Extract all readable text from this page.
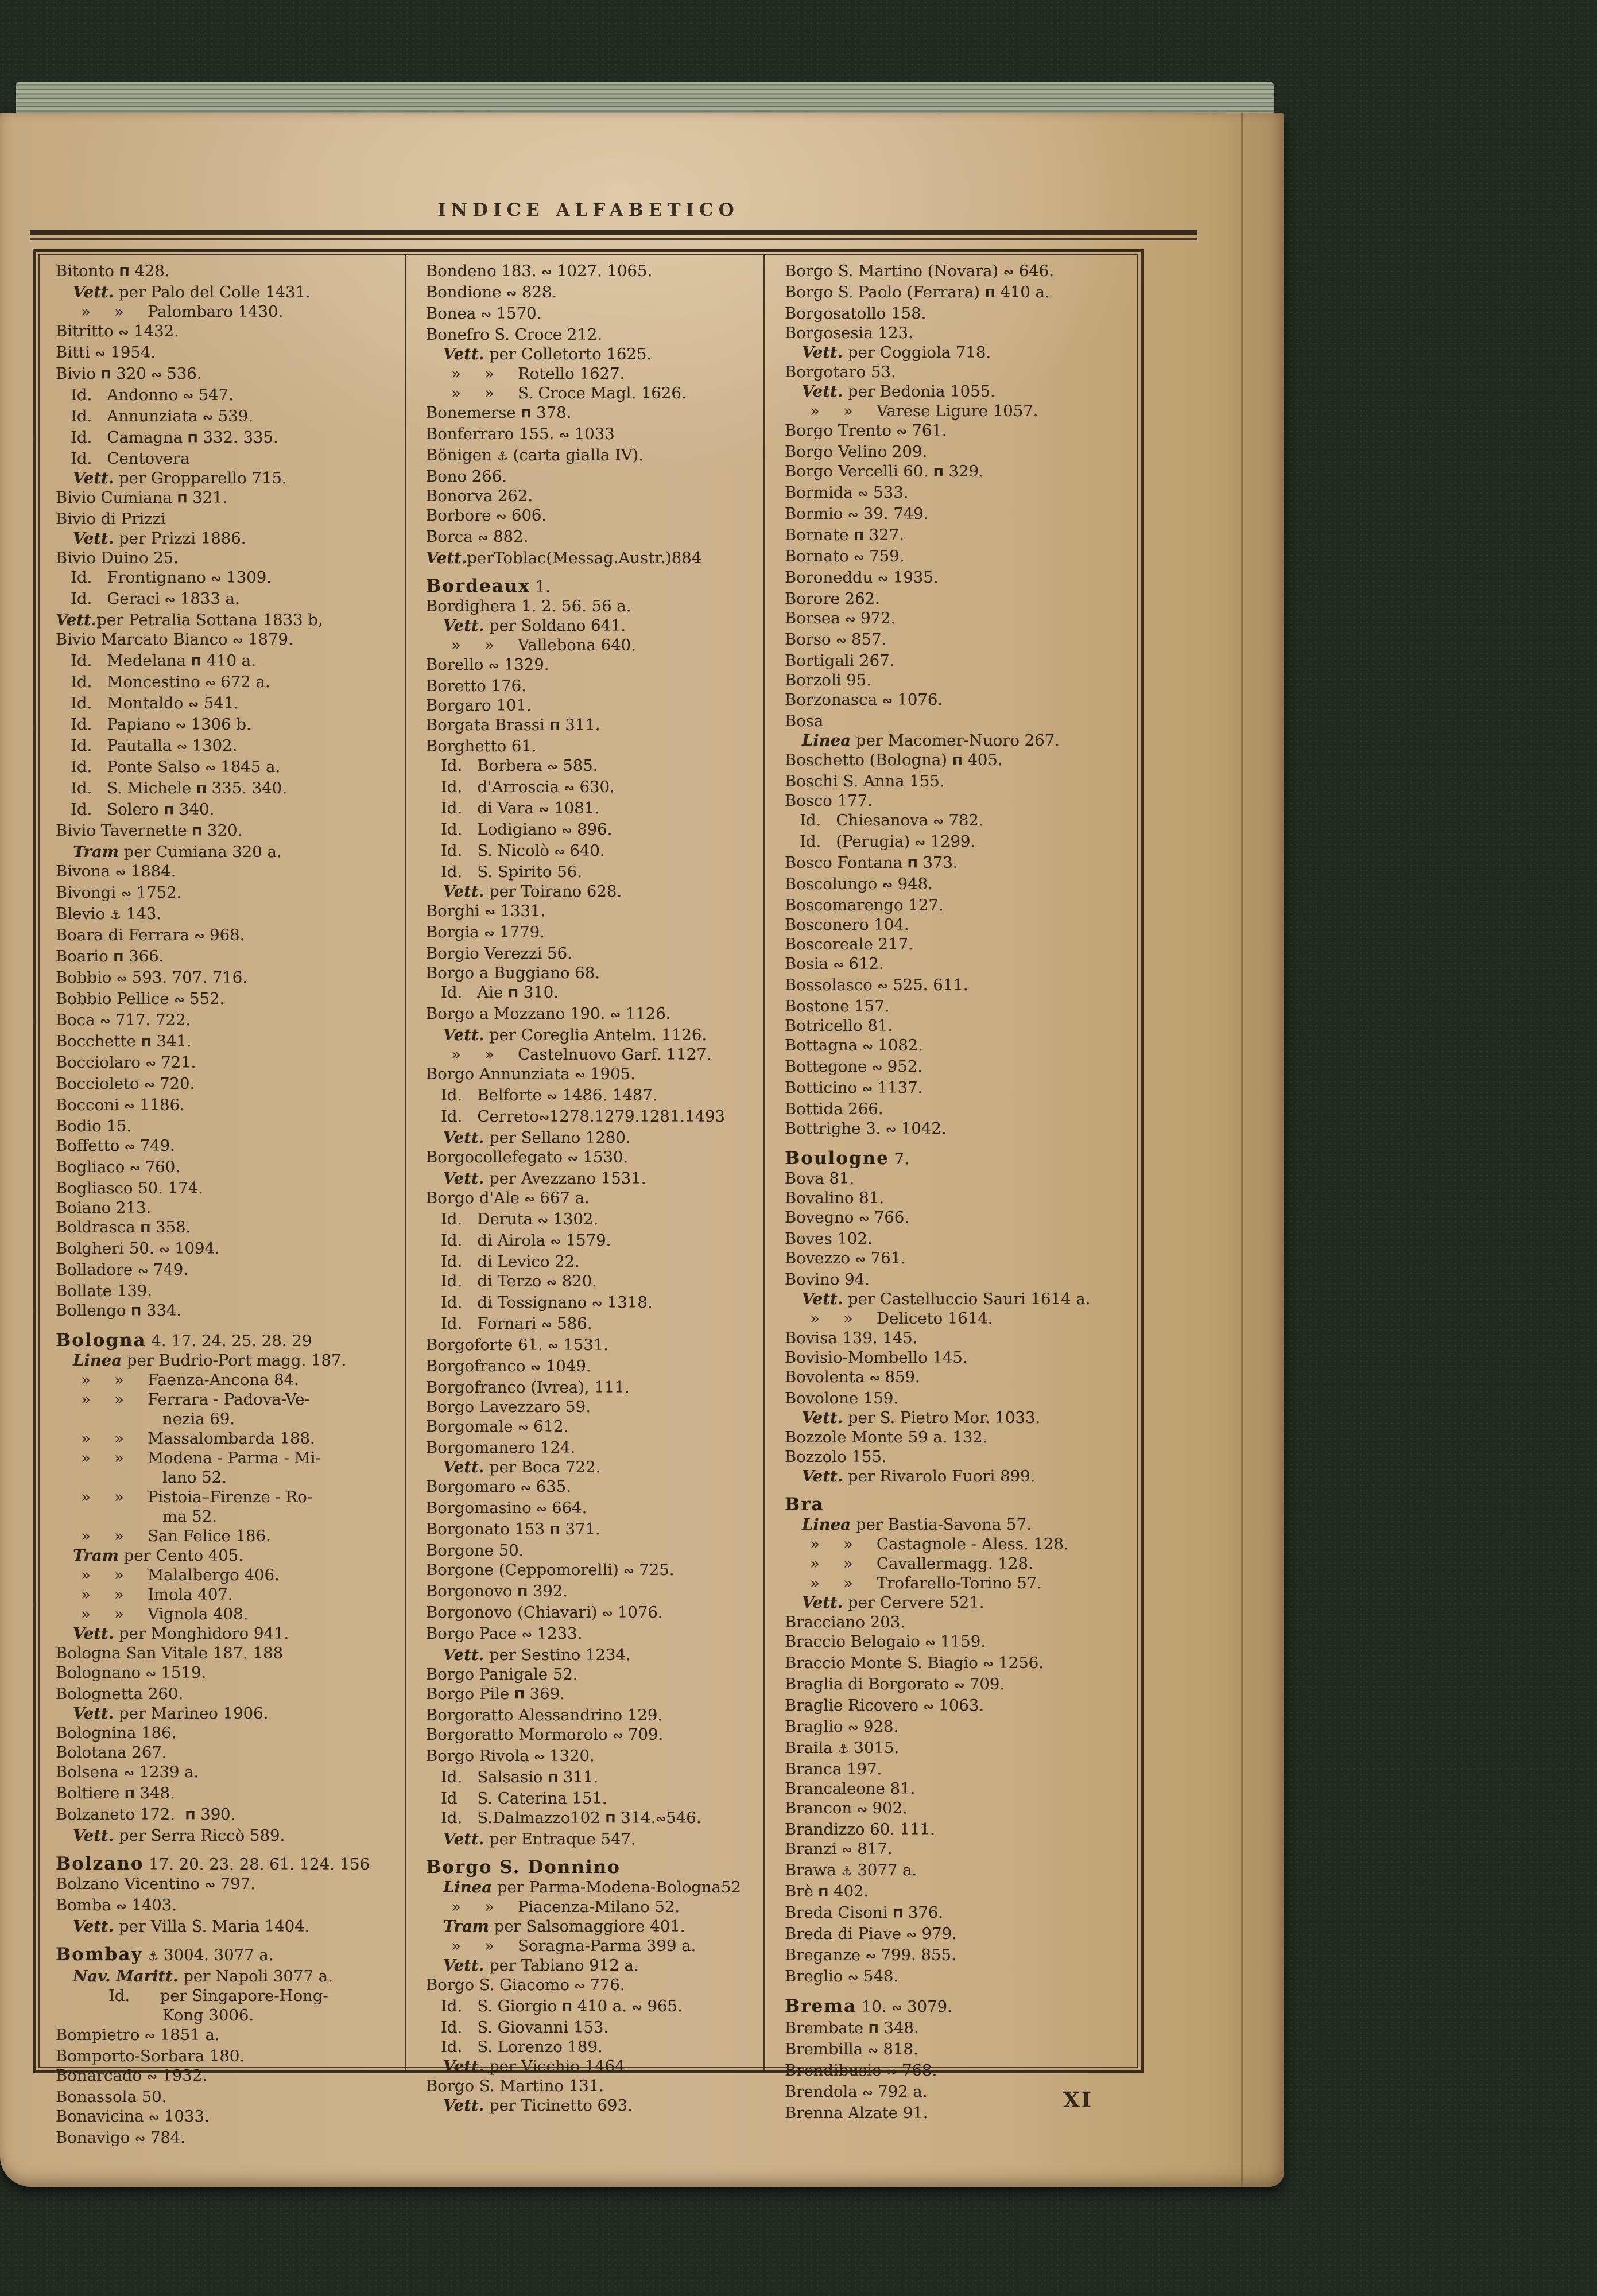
INDICE ALFABETICO
Bitonto Π 428.
Vett. per Palo del Colle 1431.
» » Palombaro 1430.
Bitritto ∾ 1432.
Bitti ∾ 1954.
Bivio Π 320 ∾ 536.
Id.   Andonno ∾ 547.
Id.   Annunziata ∾ 539.
Id.   Camagna Π 332. 335.
Id.   Centovera
Vett. per Gropparello 715.
Bivio Cumiana Π 321.
Bivio di Prizzi
Vett. per Prizzi 1886.
Bivio Duino 25.
Id.   Frontignano ∾ 1309.
Id.   Geraci ∾ 1833 a.
Vett.per Petralia Sottana 1833 b,
Bivio Marcato Bianco ∾ 1879.
Id.   Medelana Π 410 a.
Id.   Moncestino ∾ 672 a.
Id.   Montaldo ∾ 541.
Id.   Papiano ∾ 1306 b.
Id.   Pautalla ∾ 1302.
Id.   Ponte Salso ∾ 1845 a.
Id.   S. Michele Π 335. 340.
Id.   Solero Π 340.
Bivio Tavernette Π 320.
Tram per Cumiana 320 a.
Bivona ∾ 1884.
Bivongi ∾ 1752.
Blevio ⚓ 143.
Boara di Ferrara ∾ 968.
Boario Π 366.
Bobbio ∾ 593. 707. 716.
Bobbio Pellice ∾ 552.
Boca ∾ 717. 722.
Bocchette Π 341.
Bocciolaro ∾ 721.
Boccioleto ∾ 720.
Bocconi ∾ 1186.
Bodio 15.
Boffetto ∾ 749.
Bogliaco ∾ 760.
Bogliasco 50. 174.
Boiano 213.
Boldrasca Π 358.
Bolgheri 50. ∾ 1094.
Bolladore ∾ 749.
Bollate 139.
Bollengo Π 334.
Bologna 4. 17. 24. 25. 28. 29
Linea per Budrio-Port magg. 187.
» » Faenza-Ancona 84.
» » Ferrara - Padova-Ve-
nezia 69.
» » Massalombarda 188.
» » Modena - Parma - Mi-
lano 52.
» » Pistoia–Firenze - Ro-
ma 52.
» » San Felice 186.
Tram per Cento 405.
» » Malalbergo 406.
» » Imola 407.
» » Vignola 408.
Vett. per Monghidoro 941.
Bologna San Vitale 187. 188
Bolognano ∾ 1519.
Bolognetta 260.
Vett. per Marineo 1906.
Bolognina 186.
Bolotana 267.
Bolsena ∾ 1239 a.
Boltiere Π 348.
Bolzaneto 172.  Π 390.
Vett. per Serra Riccò 589.
Bolzano 17. 20. 23. 28. 61. 124. 156
Bolzano Vicentino ∾ 797.
Bomba ∾ 1403.
Vett. per Villa S. Maria 1404.
Bombay ⚓ 3004. 3077 a.
Nav. Maritt. per Napoli 3077 a.
Id.      per Singapore-Hong-
Kong 3006.
Bompietro ∾ 1851 a.
Bomporto-Sorbara 180.
Bonarcado ∾ 1932.
Bonassola 50.
Bonavicina ∾ 1033.
Bonavigo ∾ 784.
Bondeno 183. ∾ 1027. 1065.
Bondione ∾ 828.
Bonea ∾ 1570.
Bonefro S. Croce 212.
Vett. per Colletorto 1625.
» » Rotello 1627.
» » S. Croce Magl. 1626.
Bonemerse Π 378.
Bonferraro 155. ∾ 1033
Bönigen ⚓ (carta gialla IV).
Bono 266.
Bonorva 262.
Borbore ∾ 606.
Borca ∾ 882.
Vett.perToblac(Messag.Austr.)884
Bordeaux 1.
Bordighera 1. 2. 56. 56 a.
Vett. per Soldano 641.
» » Vallebona 640.
Borello ∾ 1329.
Boretto 176.
Borgaro 101.
Borgata Brassi Π 311.
Borghetto 61.
Id.   Borbera ∾ 585.
Id.   d'Arroscia ∾ 630.
Id.   di Vara ∾ 1081.
Id.   Lodigiano ∾ 896.
Id.   S. Nicolò ∾ 640.
Id.   S. Spirito 56.
Vett. per Toirano 628.
Borghi ∾ 1331.
Borgia ∾ 1779.
Borgio Verezzi 56.
Borgo a Buggiano 68.
Id.   Aie Π 310.
Borgo a Mozzano 190. ∾ 1126.
Vett. per Coreglia Antelm. 1126.
» » Castelnuovo Garf. 1127.
Borgo Annunziata ∾ 1905.
Id.   Belforte ∾ 1486. 1487.
Id.   Cerreto∾1278.1279.1281.1493
Vett. per Sellano 1280.
Borgocollefegato ∾ 1530.
Vett. per Avezzano 1531.
Borgo d'Ale ∾ 667 a.
Id.   Deruta ∾ 1302.
Id.   di Airola ∾ 1579.
Id.   di Levico 22.
Id.   di Terzo ∾ 820.
Id.   di Tossignano ∾ 1318.
Id.   Fornari ∾ 586.
Borgoforte 61. ∾ 1531.
Borgofranco ∾ 1049.
Borgofranco (Ivrea), 111.
Borgo Lavezzaro 59.
Borgomale ∾ 612.
Borgomanero 124.
Vett. per Boca 722.
Borgomaro ∾ 635.
Borgomasino ∾ 664.
Borgonato 153 Π 371.
Borgone 50.
Borgone (Ceppomorelli) ∾ 725.
Borgonovo Π 392.
Borgonovo (Chiavari) ∾ 1076.
Borgo Pace ∾ 1233.
Vett. per Sestino 1234.
Borgo Panigale 52.
Borgo Pile Π 369.
Borgoratto Alessandrino 129.
Borgoratto Mormorolo ∾ 709.
Borgo Rivola ∾ 1320.
Id.   Salsasio Π 311.
Id    S. Caterina 151.
Id.   S.Dalmazzo102 Π 314.∾546.
Vett. per Entraque 547.
Borgo S. Donnino
Linea per Parma-Modena-Bologna52
» » Piacenza-Milano 52.
Tram per Salsomaggiore 401.
» » Soragna-Parma 399 a.
Vett. per Tabiano 912 a.
Borgo S. Giacomo ∾ 776.
Id.   S. Giorgio Π 410 a. ∾ 965.
Id.   S. Giovanni 153.
Id.   S. Lorenzo 189.
Vett. per Vicchio 1464.
Borgo S. Martino 131.
Vett. per Ticinetto 693.
Borgo S. Martino (Novara) ∾ 646.
Borgo S. Paolo (Ferrara) Π 410 a.
Borgosatollo 158.
Borgosesia 123.
Vett. per Coggiola 718.
Borgotaro 53.
Vett. per Bedonia 1055.
» » Varese Ligure 1057.
Borgo Trento ∾ 761.
Borgo Velino 209.
Borgo Vercelli 60. Π 329.
Bormida ∾ 533.
Bormio ∾ 39. 749.
Bornate Π 327.
Bornato ∾ 759.
Boroneddu ∾ 1935.
Borore 262.
Borsea ∾ 972.
Borso ∾ 857.
Bortigali 267.
Borzoli 95.
Borzonasca ∾ 1076.
Bosa
Linea per Macomer-Nuoro 267.
Boschetto (Bologna) Π 405.
Boschi S. Anna 155.
Bosco 177.
Id.   Chiesanova ∾ 782.
Id.   (Perugia) ∾ 1299.
Bosco Fontana Π 373.
Boscolungo ∾ 948.
Boscomarengo 127.
Bosconero 104.
Boscoreale 217.
Bosia ∾ 612.
Bossolasco ∾ 525. 611.
Bostone 157.
Botricello 81.
Bottagna ∾ 1082.
Bottegone ∾ 952.
Botticino ∾ 1137.
Bottida 266.
Bottrighe 3. ∾ 1042.
Boulogne 7.
Bova 81.
Bovalino 81.
Bovegno ∾ 766.
Boves 102.
Bovezzo ∾ 761.
Bovino 94.
Vett. per Castelluccio Sauri 1614 a.
» » Deliceto 1614.
Bovisa 139. 145.
Bovisio-Mombello 145.
Bovolenta ∾ 859.
Bovolone 159.
Vett. per S. Pietro Mor. 1033.
Bozzole Monte 59 a. 132.
Bozzolo 155.
Vett. per Rivarolo Fuori 899.
Bra
Linea per Bastia-Savona 57.
» » Castagnole - Aless. 128.
» » Cavallermagg. 128.
» » Trofarello-Torino 57.
Vett. per Cervere 521.
Bracciano 203.
Braccio Belogaio ∾ 1159.
Braccio Monte S. Biagio ∾ 1256.
Braglia di Borgorato ∾ 709.
Braglie Ricovero ∾ 1063.
Braglio ∾ 928.
Braila ⚓ 3015.
Branca 197.
Brancaleone 81.
Brancon ∾ 902.
Brandizzo 60. 111.
Branzi ∾ 817.
Brawa ⚓ 3077 a.
Brè Π 402.
Breda Cisoni Π 376.
Breda di Piave ∾ 979.
Breganze ∾ 799. 855.
Breglio ∾ 548.
Brema 10. ∾ 3079.
Brembate Π 348.
Brembilla ∾ 818.
Brendibusio ∾ 768.
Brendola ∾ 792 a.
Brenna Alzate 91.
XI
